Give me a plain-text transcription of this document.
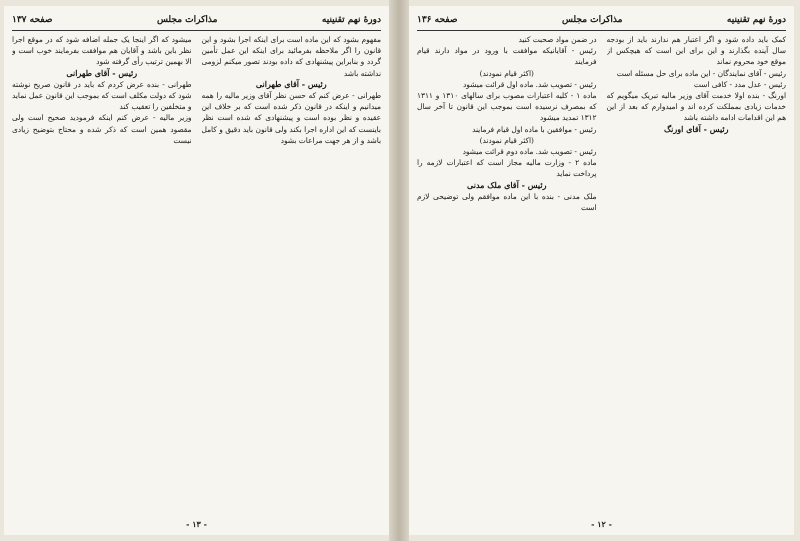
دورهٔ نهم تقنینیه
مذاکرات مجلس
صفحه ۱۳۷

مفهوم بشود که این ماده است برای اینکه اجرا بشود و این قانون را اگر ملاحظه بفرمائید برای اینکه این عمل تأمین گردد و بنابراین پیشنهادی که داده بودند تصور میکنم لزومی نداشته باشد

رئیس - آقای طهرانی

طهرانی - عرض کنم که حسن نظر آقای وزیر مالیه را همه میدانیم و اینکه در قانون ذکر شده است که بر خلاف این عقیده و نظر بوده است و پیشنهادی که شده است نظر باینست که این اداره اجرا بکند ولی قانون باید دقیق و کامل باشد و از هر جهت مراعات بشود

میشود که اگر اینجا یک جمله اضافه شود که در موقع اجرا نظر باین باشد و آقایان هم موافقت بفرمایند خوب است و الا بهمین ترتیب رأی گرفته شود

رئیس - آقای طهرانی

طهرانی - بنده عرض کردم که باید در قانون صریح نوشته شود که دولت مکلف است که بموجب این قانون عمل نماید و متخلفین را تعقیب کند

وزیر مالیه - عرض کنم اینکه فرمودید صحیح است ولی مقصود همین است که ذکر شده و محتاج بتوضیح زیادی نیست

- ۱۳ -
دورهٔ نهم تقنینیه
مذاکرات مجلس
صفحه ۱۳۶

کمک باید داده شود و اگر اعتبار هم ندارند باید از بودجه سال آینده بگذارند و این برای این است که هیچکس از موقع خود محروم نماند

رئیس - آقای نمایندگان - این ماده برای حل مسئله است

رئیس - عدل مدد - کافی است

اورنگ - بنده اولا خدمت آقای وزیر مالیه تبریک میگویم که خدمات زیادی بمملکت کرده اند و امیدوارم که بعد از این هم این اقدامات ادامه داشته باشد

رئیس - آقای اورنگ

در ضمن مواد صحبت کنید

رئیس - آقایانیکه موافقت با ورود در مواد دارند قیام فرمایند

(اکثر قیام نمودند)

رئیس - تصویب شد. ماده اول قرائت میشود

ماده ۱ - کلیه اعتبارات مصوب برای سالهای ۱۳۱۰ و ۱۳۱۱ که بمصرف نرسیده است بموجب این قانون تا آخر سال ۱۳۱۲ تمدید میشود

رئیس - موافقین با ماده اول قیام فرمایند

(اکثر قیام نمودند)

رئیس - تصویب شد. ماده دوم قرائت میشود

ماده ۲ - وزارت مالیه مجاز است که اعتبارات لازمه را پرداخت نماید

رئیس - آقای ملک مدنی

ملک مدنی - بنده با این ماده موافقم ولی توضیحی لازم است

- ۱۲ -
